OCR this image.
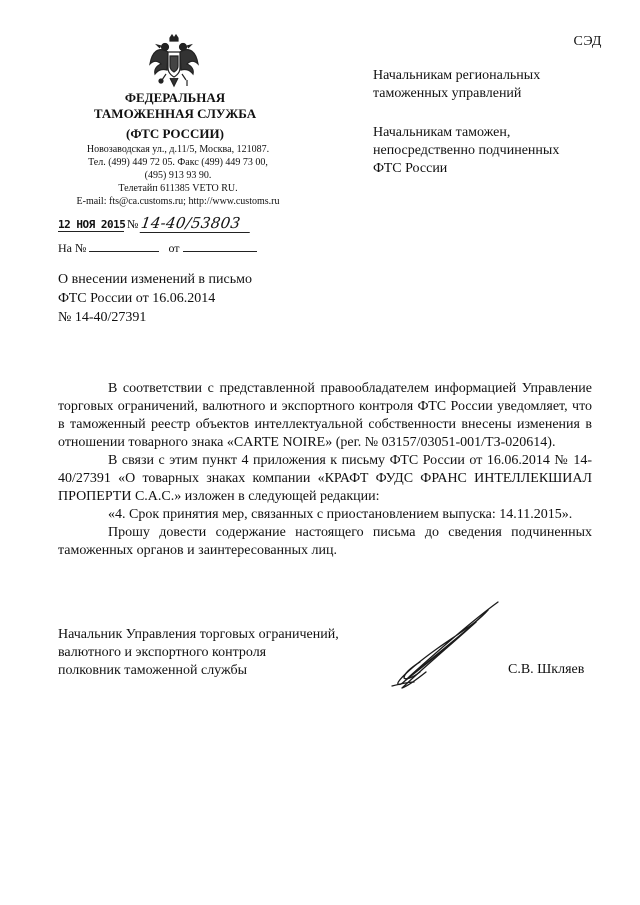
СЭД
ФЕДЕРАЛЬНАЯ
ТАМОЖЕННАЯ СЛУЖБА
(ФТС РОССИИ)
Новозаводская ул., д.11/5, Москва, 121087.
Тел. (499) 449 72 05. Факс (499) 449 73 00,
(495) 913 93 90.
Телетайп 611385 VETO RU.
E-mail: fts@ca.customs.ru; http://www.customs.ru
12 НОЯ 2015 № 14-40/53803
На №	от
О внесении изменений в письмо
ФТС России от 16.06.2014
№ 14-40/27391
Начальникам региональных
таможенных управлений
Начальникам таможен,
непосредственно подчиненных
ФТС России

В соответствии с представленной правообладателем информацией Управление торговых ограничений, валютного и экспортного контроля ФТС России уведомляет, что в таможенный реестр объектов интеллектуальной собственности внесены изменения в отношении товарного знака «CARTE NOIRE» (рег. № 03157/03051-001/ТЗ-020614).

В связи с этим пункт 4 приложения к письму ФТС России от 16.06.2014 № 14-40/27391 «О товарных знаках компании «КРАФТ ФУДС ФРАНС ИНТЕЛЛЕКШИАЛ ПРОПЕРТИ С.А.С.» изложен в следующей редакции:

«4. Срок принятия мер, связанных с приостановлением выпуска: 14.11.2015».

Прошу довести содержание настоящего письма до сведения подчиненных таможенных органов и заинтересованных лиц.

Начальник Управления торговых ограничений,
валютного и экспортного контроля
полковник таможенной службы	С.В. Шкляев
